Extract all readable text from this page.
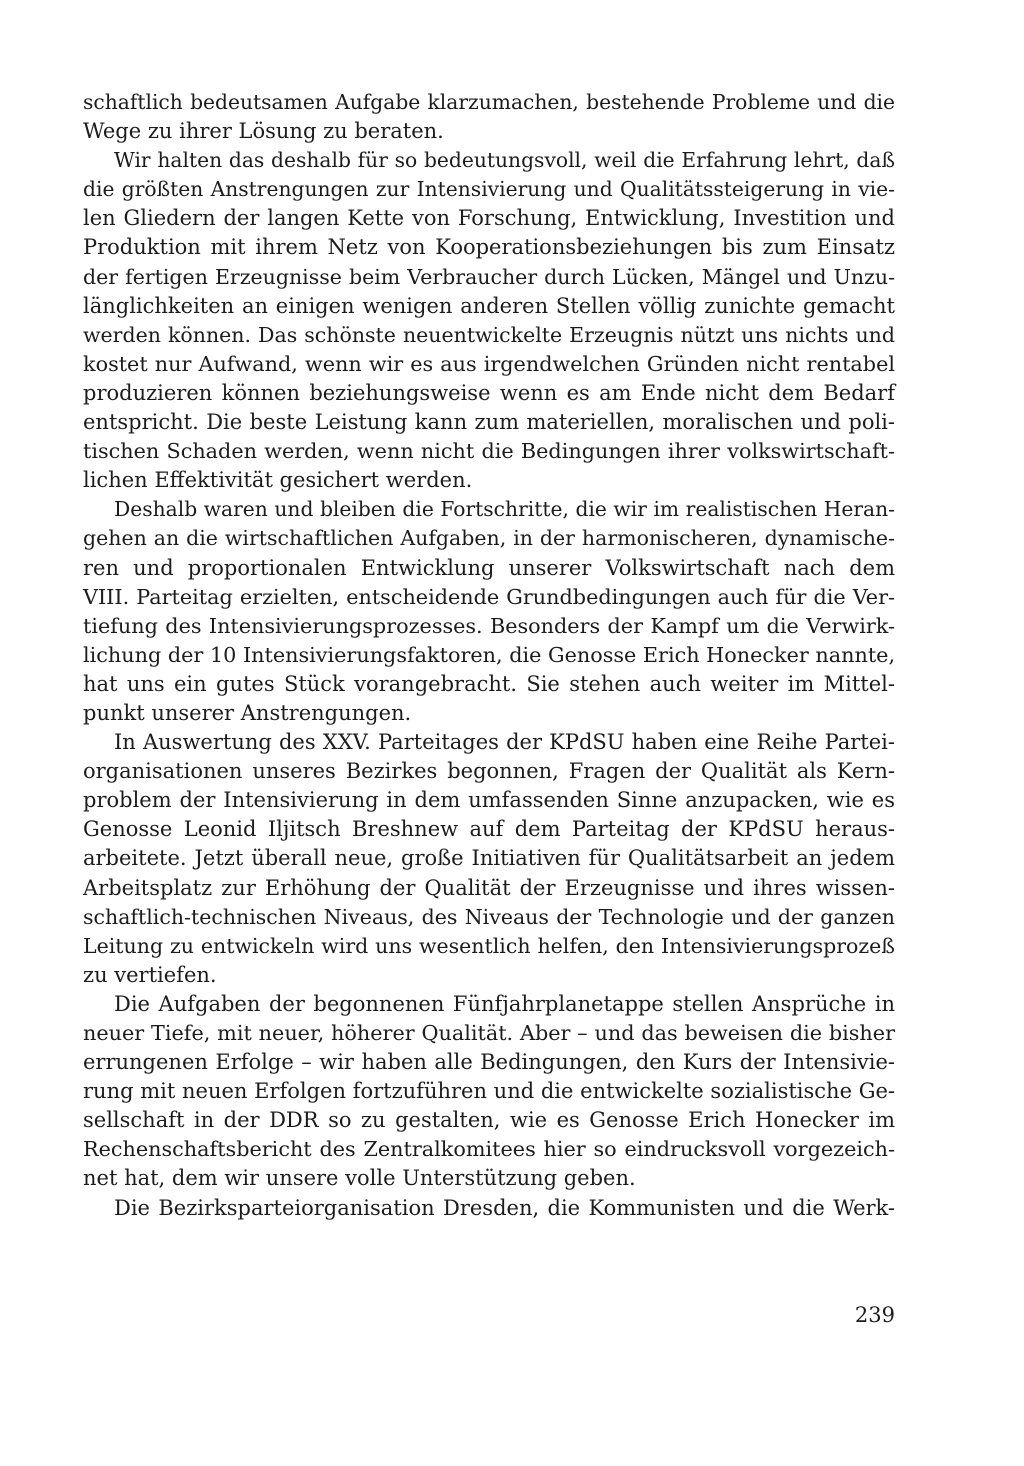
schaftlich bedeutsamen Aufgabe klarzumachen, bestehende Probleme und die
Wege zu ihrer Lösung zu beraten.
Wir halten das deshalb für so bedeutungsvoll, weil die Erfahrung lehrt, daß
die größten Anstrengungen zur Intensivierung und Qualitätssteigerung in vie-
len Gliedern der langen Kette von Forschung, Entwicklung, Investition und
Produktion mit ihrem Netz von Kooperationsbeziehungen bis zum Einsatz
der fertigen Erzeugnisse beim Verbraucher durch Lücken, Mängel und Unzu-
länglichkeiten an einigen wenigen anderen Stellen völlig zunichte gemacht
werden können. Das schönste neuentwickelte Erzeugnis nützt uns nichts und
kostet nur Aufwand, wenn wir es aus irgendwelchen Gründen nicht rentabel
produzieren können beziehungsweise wenn es am Ende nicht dem Bedarf
entspricht. Die beste Leistung kann zum materiellen, moralischen und poli-
tischen Schaden werden, wenn nicht die Bedingungen ihrer volkswirtschaft-
lichen Effektivität gesichert werden.
Deshalb waren und bleiben die Fortschritte, die wir im realistischen Heran-
gehen an die wirtschaftlichen Aufgaben, in der harmonischeren, dynamische-
ren und proportionalen Entwicklung unserer Volkswirtschaft nach dem
VIII. Parteitag erzielten, entscheidende Grundbedingungen auch für die Ver-
tiefung des Intensivierungsprozesses. Besonders der Kampf um die Verwirk-
lichung der 10 Intensivierungsfaktoren, die Genosse Erich Honecker nannte,
hat uns ein gutes Stück vorangebracht. Sie stehen auch weiter im Mittel-
punkt unserer Anstrengungen.
In Auswertung des XXV. Parteitages der KPdSU haben eine Reihe Partei-
organisationen unseres Bezirkes begonnen, Fragen der Qualität als Kern-
problem der Intensivierung in dem umfassenden Sinne anzupacken, wie es
Genosse Leonid Iljitsch Breshnew auf dem Parteitag der KPdSU heraus-
arbeitete. Jetzt überall neue, große Initiativen für Qualitätsarbeit an jedem
Arbeitsplatz zur Erhöhung der Qualität der Erzeugnisse und ihres wissen-
schaftlich-technischen Niveaus, des Niveaus der Technologie und der ganzen
Leitung zu entwickeln wird uns wesentlich helfen, den Intensivierungsprozeß
zu vertiefen.
Die Aufgaben der begonnenen Fünfjahrplanetappe stellen Ansprüche in
neuer Tiefe, mit neuer, höherer Qualität. Aber – und das beweisen die bisher
errungenen Erfolge – wir haben alle Bedingungen, den Kurs der Intensivie-
rung mit neuen Erfolgen fortzuführen und die entwickelte sozialistische Ge-
sellschaft in der DDR so zu gestalten, wie es Genosse Erich Honecker im
Rechenschaftsbericht des Zentralkomitees hier so eindrucksvoll vorgezeich-
net hat, dem wir unsere volle Unterstützung geben.
Die Bezirksparteiorganisation Dresden, die Kommunisten und die Werk-
239
